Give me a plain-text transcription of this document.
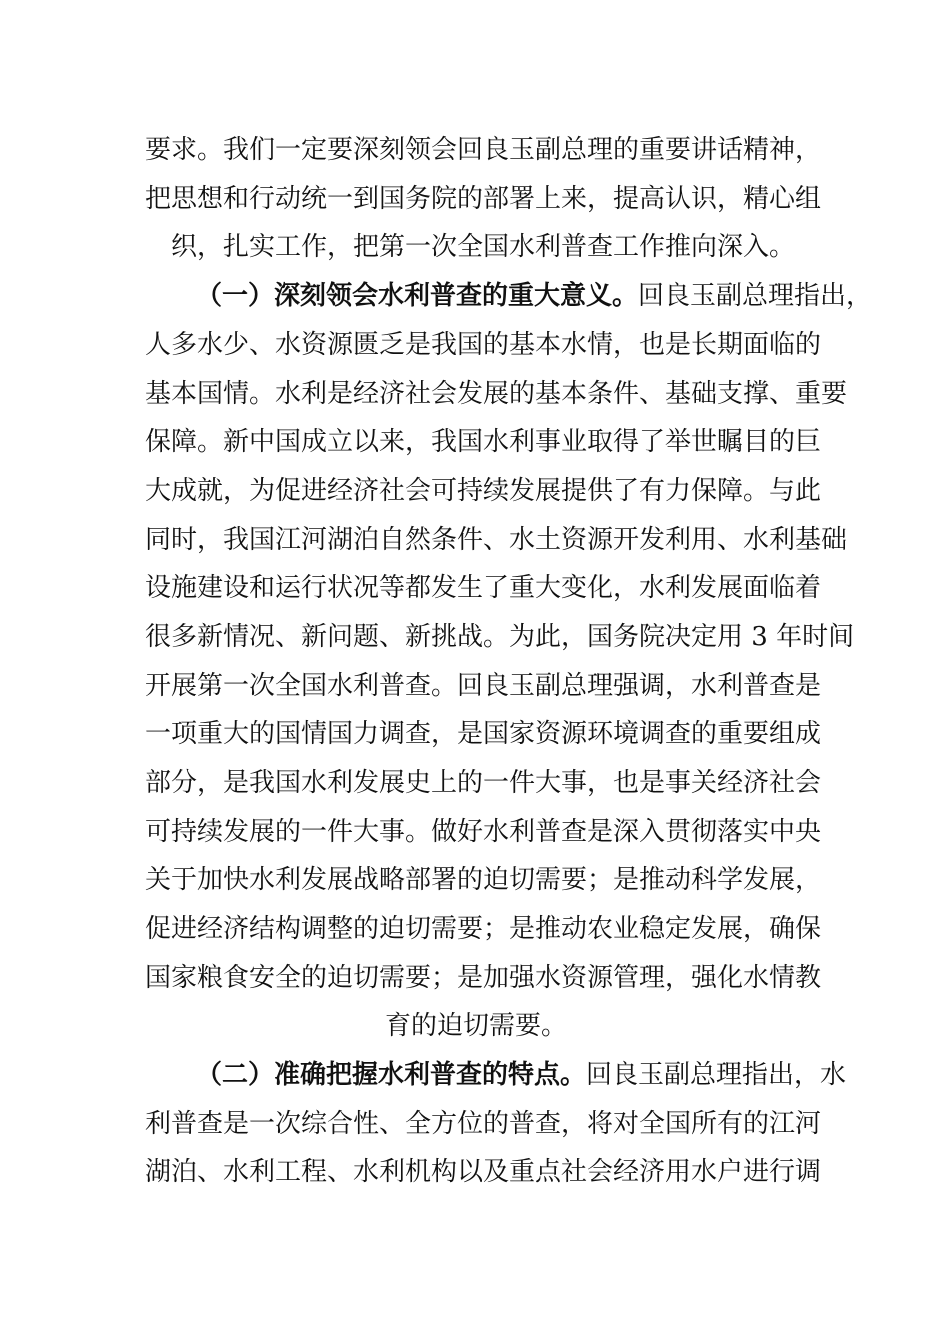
要求。我们一定要深刻领会回良玉副总理的重要讲话精神，
把思想和行动统一到国务院的部署上来，提高认识，精心组
织，扎实工作，把第一次全国水利普查工作推向深入。
（一）深刻领会水利普查的重大意义。回良玉副总理指出，
人多水少、水资源匮乏是我国的基本水情，也是长期面临的
基本国情。水利是经济社会发展的基本条件、基础支撑、重要
保障。新中国成立以来，我国水利事业取得了举世瞩目的巨
大成就，为促进经济社会可持续发展提供了有力保障。与此
同时，我国江河湖泊自然条件、水土资源开发利用、水利基础
设施建设和运行状况等都发生了重大变化，水利发展面临着
很多新情况、新问题、新挑战。为此，国务院决定用 3 年时间
开展第一次全国水利普查。回良玉副总理强调，水利普查是
一项重大的国情国力调查，是国家资源环境调查的重要组成
部分，是我国水利发展史上的一件大事，也是事关经济社会
可持续发展的一件大事。做好水利普查是深入贯彻落实中央
关于加快水利发展战略部署的迫切需要；是推动科学发展，
促进经济结构调整的迫切需要；是推动农业稳定发展，确保
国家粮食安全的迫切需要；是加强水资源管理，强化水情教
育的迫切需要。
（二）准确把握水利普查的特点。回良玉副总理指出，水
利普查是一次综合性、全方位的普查，将对全国所有的江河
湖泊、水利工程、水利机构以及重点社会经济用水户进行调
